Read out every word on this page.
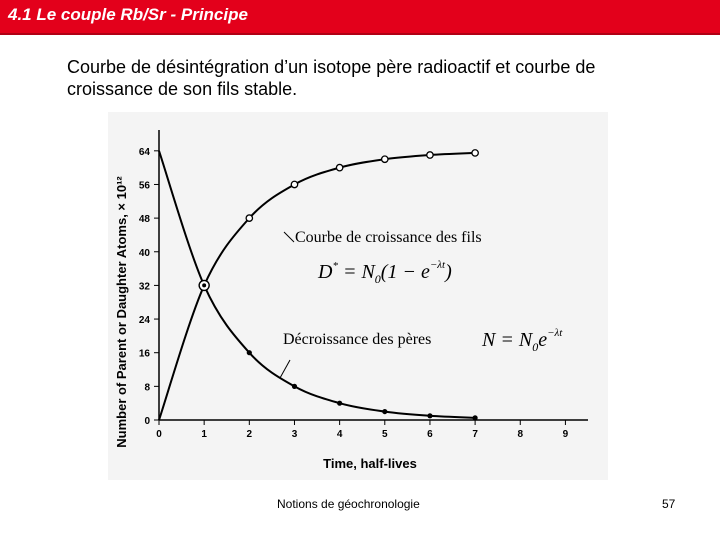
4.1 Le couple Rb/Sr - Principe
Courbe de désintégration d’un isotope père radioactif et courbe de croissance de son fils stable.
0	1	2	3	4	5	6	7	8	9
0
8
16
24
32
40
48
56
64
Time, half-lives
Number of Parent or Daughter Atoms, × 10¹²	Courbe de croissance des fils
$D^* = N_0(1 - e^{-\lambda t})$
Décroissance des pères	$N = N_0e^{-\lambda t}$
Notions de géochronologie	57
